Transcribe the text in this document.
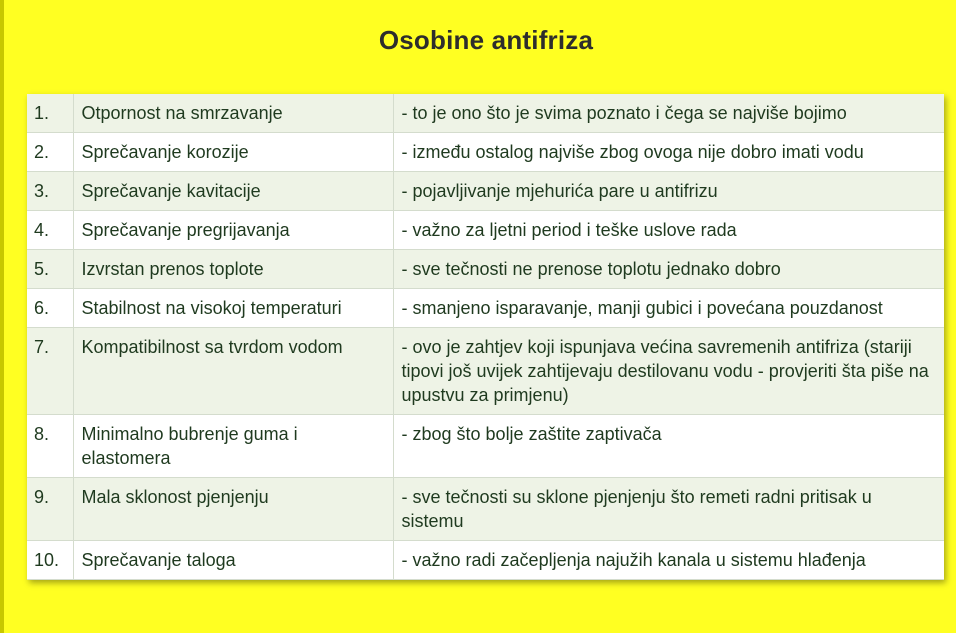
Osobine antifriza
1.	Otpornost na smrzavanje	- to je ono što je svima poznato i čega se najviše bojimo
2.	Sprečavanje korozije	- između ostalog najviše zbog ovoga nije dobro imati vodu
3.	Sprečavanje kavitacije	- pojavljivanje mjehurića pare u antifrizu
4.	Sprečavanje pregrijavanja	- važno za ljetni period i teške uslove rada
5.	Izvrstan prenos toplote	- sve tečnosti ne prenose toplotu jednako dobro
6.	Stabilnost na visokoj temperaturi	- smanjeno isparavanje, manji gubici i povećana pouzdanost
7.	Kompatibilnost sa tvrdom vodom	- ovo je zahtjev koji ispunjava većina savremenih antifriza (stariji tipovi još uvijek zahtijevaju destilovanu vodu - provjeriti šta piše na upustvu za primjenu)
8.	Minimalno bubrenje guma i elastomera	- zbog što bolje zaštite zaptivača
9.	Mala sklonost pjenjenju	- sve tečnosti su sklone pjenjenju što remeti radni pritisak u sistemu
10.	Sprečavanje taloga	- važno radi začepljenja najužih kanala u sistemu hlađenja
